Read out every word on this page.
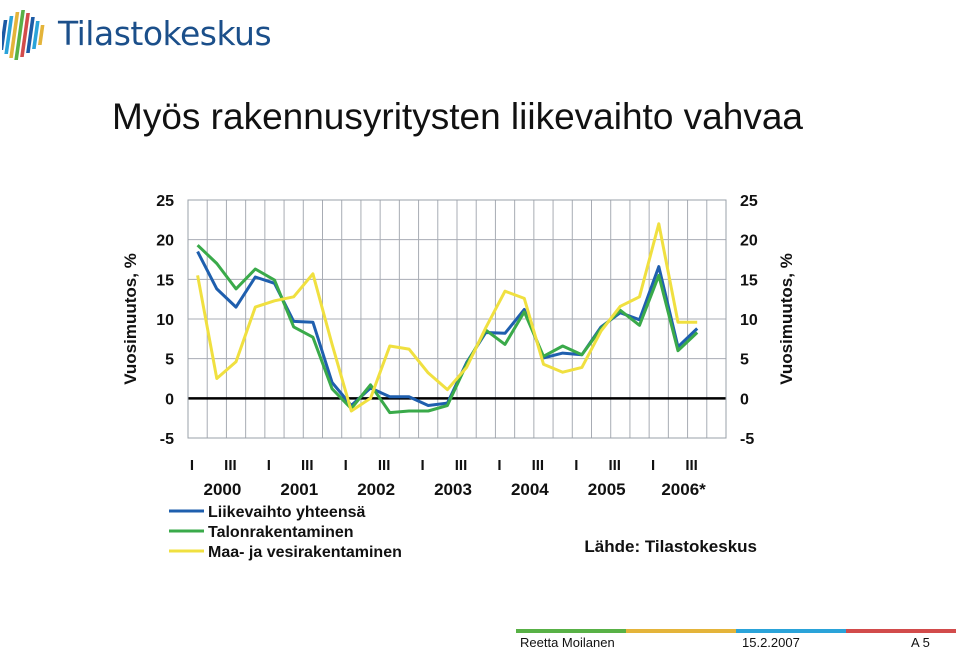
Tilastokeskus
Myös rakennusyritysten liikevaihto vahvaa
25	25
20	20
15	15
10	10
5	5
0	0
-5	-5
Vuosimuutos, %	Vuosimuutos, %
I III I III I III I III I III I III I III
2000 2001 2002 2003 2004 2005 2006*
Liikevaihto yhteensä
Talonrakentaminen
Maa- ja vesirakentaminen	Lähde: Tilastokeskus
Reetta Moilanen	15.2.2007	A 5
